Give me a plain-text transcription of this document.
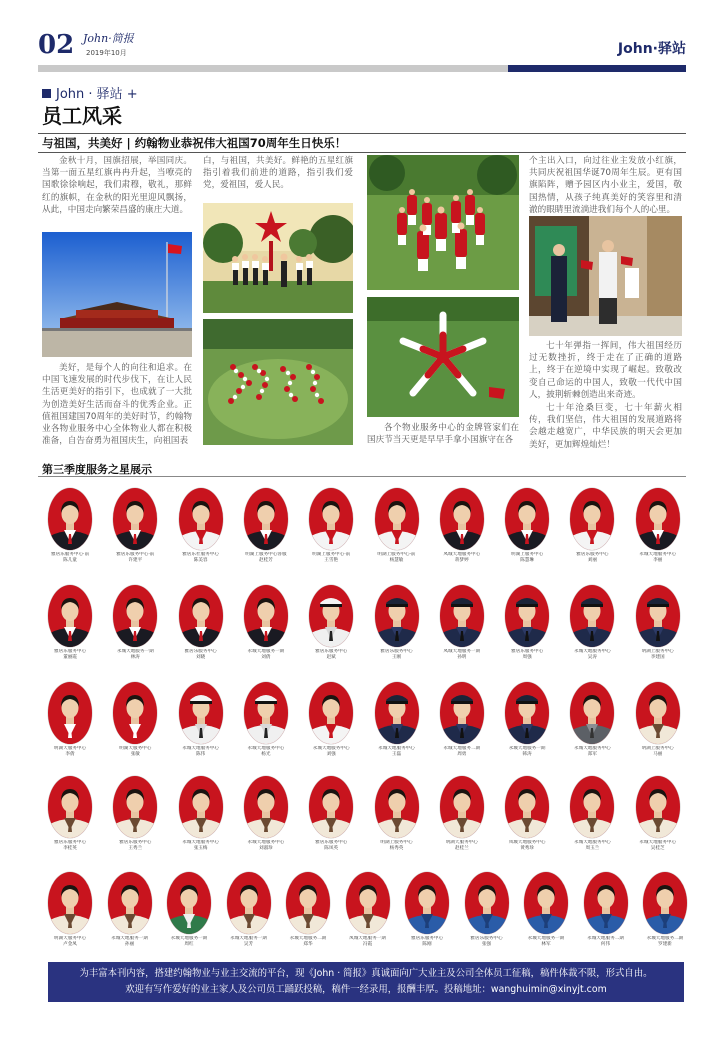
02 John·简报
2019年10月	John·驿站
John · 驿站 +
员工风采
与祖国，共美好 | 约翰物业恭祝伟大祖国70周年生日快乐！
金秋十月，国旗招展，举国同庆。当第一面五星红旗冉冉升起，当嘹亮的国歌徐徐响起，我们肃穆，敬礼，那鲜红的旗帜，在金秋的阳光里迎风飘扬，从此，中国走向繁荣昌盛的康庄大道。
美好，是每个人的向往和追求。在中国飞速发展的时代步伐下，在让人民生活更美好的指引下，也成就了一大批为创造美好生活而奋斗的优秀企业。正值祖国建国70周年的美好时节，约翰物业各物业服务中心全体物业人都在积极准备，自告奋勇为祖国庆生，向祖国表
白，与祖国，共美好。鲜艳的五星红旗指引着我们前进的道路，指引我们爱党，爱祖国，爱人民。
各个物业服务中心的金牌管家们在国庆节当天更是早早手拿小国旗守在各
个主出入口，向过往业主发放小红旗，共同庆祝祖国华诞70周年生辰。更有国旗陷阵，赠予园区内小业主，爱国，敬国热情，从孩子纯真美好的笑容里和清澈的眼睛里流淌进我们每个人的心里。
七十年弹指一挥间，伟大祖国经历过无数挫折，终于走在了正确的道路上，终于在逆境中实现了崛起。致敬改变自己命运的中国人，致敬一代代中国人，披荆斩棘创造出来奇迹。
七十年沧桑巨变，七十年薪火相传，我们坚信，伟大祖国的发展道路将会越走越宽广，中华民族的明天会更加美好，更加辉煌灿烂！
第三季度服务之星展示
雅居乐服务中心·前
陈儿童
雅居乐服务中心·前
许建平
雅居乐社服务中心
陈美容
明湖上服务中心客服
赵桂芳
明湖上服务中心·前
王雪艳
明湖上服务中心·前
杨慧敏
凤城天地服务中心
蒋梦婷
明湖上服务中心
陈慧琳
雅居乐服务中心
刘丽
永城天地服务中心
李丽
雅居乐服务中心
董丽霞
永城天地服务一期
林涛
雅居乐服务中心
刘晓
永城天地服务一期
刘倩
雅居乐服务中心
赵斌
雅居乐服务中心
王刚
凤城天地服务一期
孙明
雅居乐服务中心
周强
永城天地服务中心
吴涛
明湖上服务中心
李建国
明湖天服务中心
李倩
明湖天服务中心
张敏
永城天地服务中心
陈伟
永城天地服务中心
杨光
永城天地服务中心
刘强
永城天地服务中心
王磊
永城天地服务二期
周勇
永城天地服务一期
韩涛
永城天地服务中心
郑军
明湖上服务中心
马丽
雅居乐服务中心
李桂英
雅居乐服务中心
王秀兰
永城天地服务中心
张玉梅
永城天地服务中心
刘淑珍
雅居乐服务中心
陈凤英
明湖上服务中心
杨秀英
明湖天服务中心
赵桂兰
凤城天地服务中心
黄秀珍
永城天地服务中心
周玉兰
永城天地服务中心
吴桂芝
明湖天服务中心
卢金凤
永城天地服务一期
孙丽
永城天地服务一期
周红
永城天地服务一期
吴芳
永城天地服务二期
郑华
凤城天地服务一期
冯霞
雅居乐服务中心
陈刚
雅居乐服务中心
张强
永城天地服务一期
林军
永城天地服务二期
何伟
永城天地服务二期
罗建新
为丰富本刊内容，搭建约翰物业与业主交流的平台，现《John · 简报》真诚面向广大业主及公司全体员工征稿，稿件体裁不限，形式自由。
欢迎有写作爱好的业主家人及公司员工踊跃投稿，稿件一经录用，报酬丰厚。投稿地址：wanghuimin@xinyjt.com
